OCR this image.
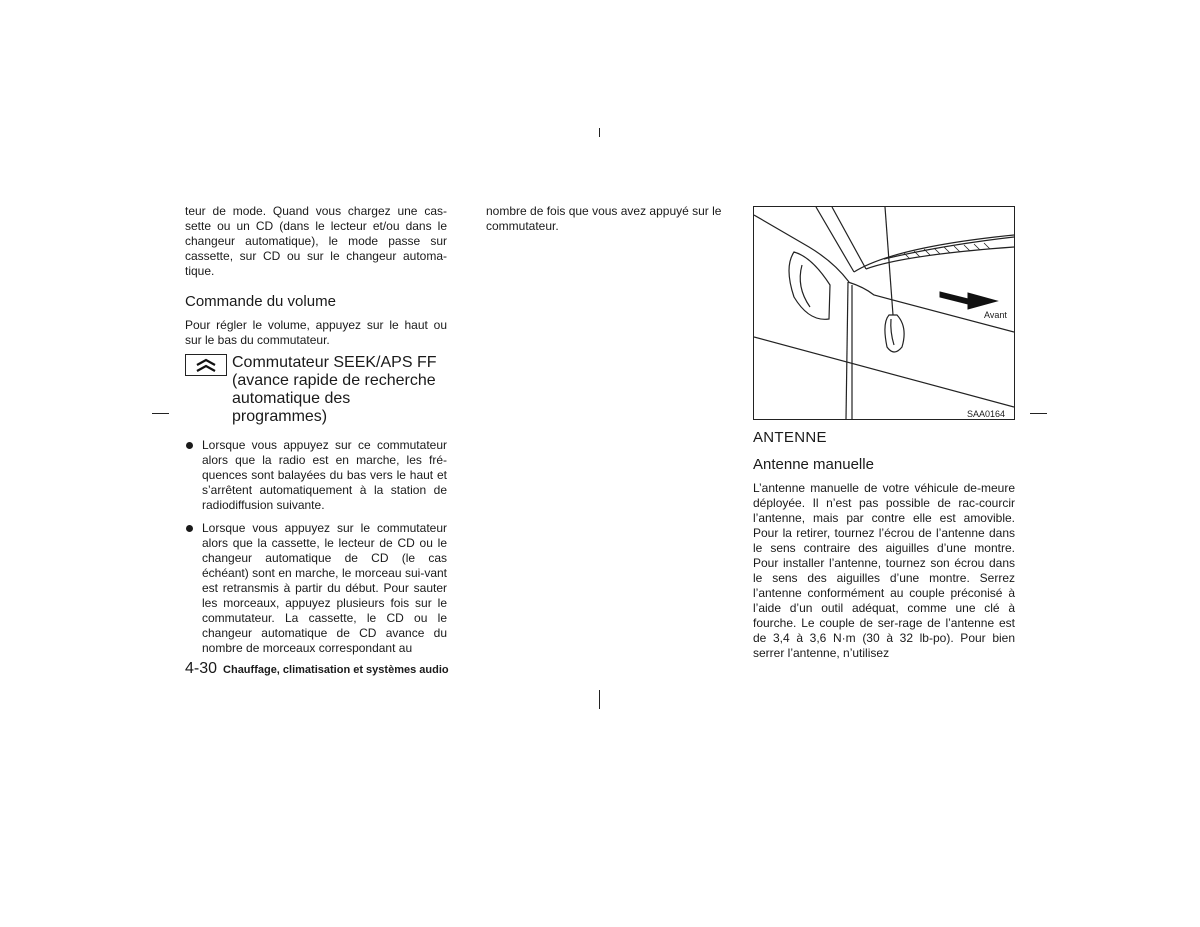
teur de mode. Quand vous chargez une cas-sette ou un CD (dans le lecteur et/ou dans le changeur automatique), le mode passe sur cassette, sur CD ou sur le changeur automa-tique.

Commande du volume

Pour régler le volume, appuyez sur le haut ou sur le bas du commutateur.

Commutateur SEEK/APS FF
(avance rapide de recherche
automatique des
programmes)

Lorsque vous appuyez sur ce commutateur alors que la radio est en marche, les fré-quences sont balayées du bas vers le haut et s’arrêtent automatiquement à la station de radiodiffusion suivante.

Lorsque vous appuyez sur le commutateur alors que la cassette, le lecteur de CD ou le changeur automatique de CD (le cas échéant) sont en marche, le morceau sui-vant est retransmis à partir du début. Pour sauter les morceaux, appuyez plusieurs fois sur le commutateur. La cassette, le CD ou le changeur automatique de CD avance du nombre de morceaux correspondant au

nombre de fois que vous avez appuyé sur le commutateur.

Avant
SAA0164
ANTENNE
Antenne manuelle

L’antenne manuelle de votre véhicule de-meure déployée. Il n’est pas possible de rac-courcir l’antenne, mais par contre elle est amovible. Pour la retirer, tournez l’écrou de l’antenne dans le sens contraire des aiguilles d’une montre. Pour installer l’antenne, tournez son écrou dans le sens des aiguilles d’une montre. Serrez l’antenne conformément au couple préconisé à l’aide d’un outil adéquat, comme une clé à fourche. Le couple de ser-rage de l’antenne est de 3,4 à 3,6 N·m (30 à 32 lb-po). Pour bien serrer l’antenne, n’utilisez

4-30 Chauffage, climatisation et systèmes audio
